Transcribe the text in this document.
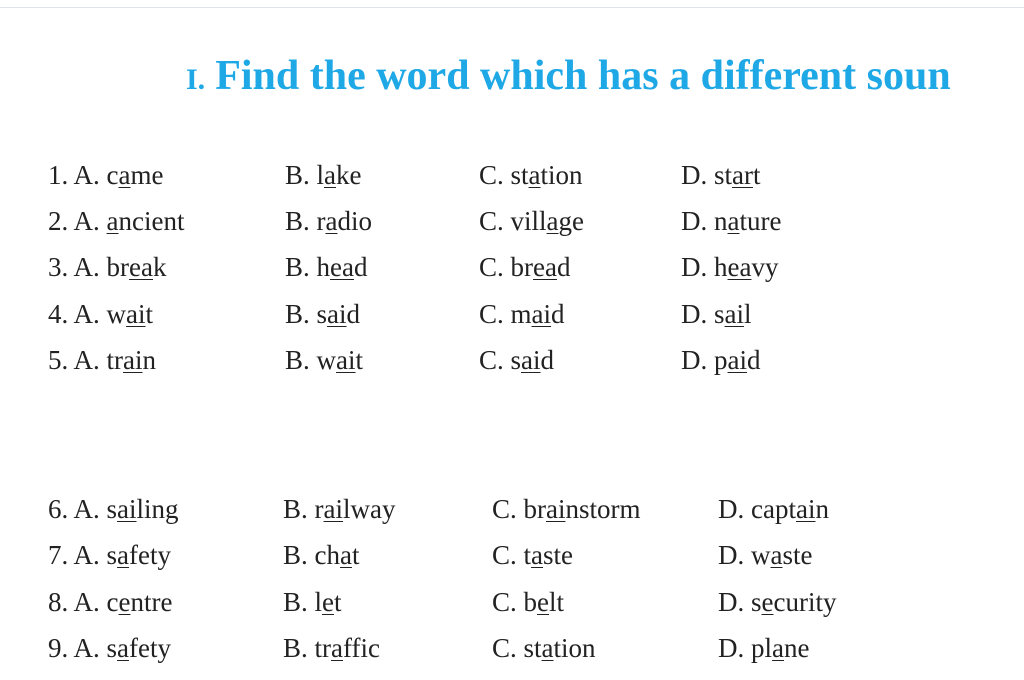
I. Find the word which has a different soun
1. A. came	B. lake	C. station	D. start
2. A. ancient	B. radio	C. village	D. nature
3. A. break	B. head	C. bread	D. heavy
4. A. wait	B. said	C. maid	D. sail
5. A. train	B. wait	C. said	D. paid
6. A. sailing	B. railway	C. brainstorm	D. captain
7. A. safety	B. chat	C. taste	D. waste
8. A. centre	B. let	C. belt	D. security
9. A. safety	B. traffic	C. station	D. plane
